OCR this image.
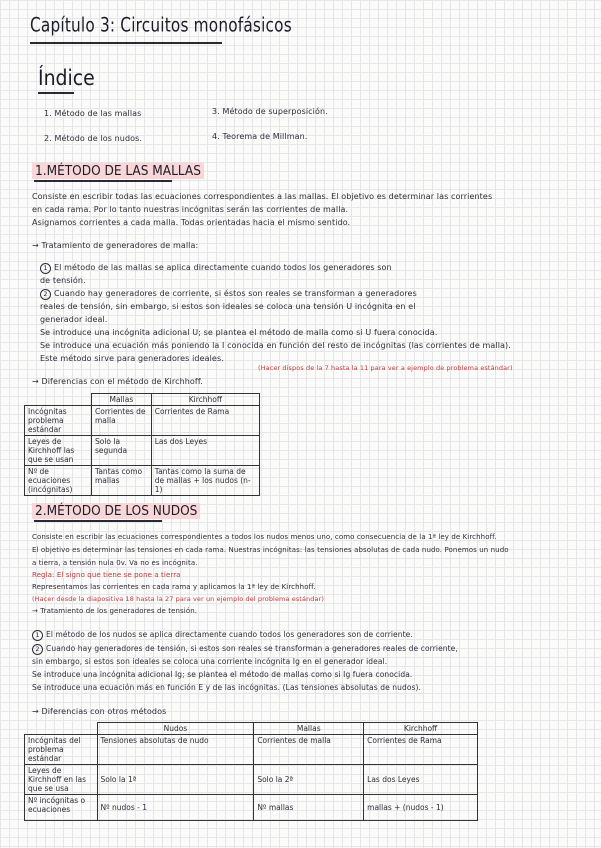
Capítulo 3: Circuitos monofásicos
Índice
1. Método de las mallas	3. Método de superposición.
2. Método de los nudos.	4. Teorema de Millman.
1.MÉTODO DE LAS MALLAS
Consiste en escribir todas las ecuaciones correspondientes a las mallas. El objetivo es determinar las corrientes
en cada rama. Por lo tanto nuestras incógnitas serán las corrientes de malla.
Asignamos corrientes a cada malla. Todas orientadas hacia el mismo sentido.
→ Tratamiento de generadores de malla:
1 El método de las mallas se aplica directamente cuando todos los generadores son
de tensión.
2 Cuando hay generadores de corriente, si éstos son reales se transforman a generadores
reales de tensión, sin embargo, si estos son ideales se coloca una tensión U incógnita en el
generador ideal.
Se introduce una incógnita adicional U; se plantea el método de malla como si U fuera conocida.
Se introduce una ecuación más poniendo la I conocida en función del resto de incógnitas (las corrientes de malla).
Este método sirve para generadores ideales.
(Hacer dispos de la 7 hasta la 11 para ver a ejemplo de problema estándar)
→ Diferencias con el método de Kirchhoff.
	Mallas	Kirchhoff
Incógnitas problema estándar	Corrientes de malla	Corrientes de Rama
Leyes de Kirchhoff las que se usan	Solo la segunda	Las dos Leyes
Nº de ecuaciones (incógnitas)	Tantas como mallas	Tantas como la suma de de mallas + los nudos (n-1)
2.MÉTODO DE LOS NUDOS
Consiste en escribir las ecuaciones correspondientes a todos los nudos menos uno, como consecuencia de la 1ª ley de Kirchhoff.
El objetivo es determinar las tensiones en cada rama. Nuestras incógnitas: las tensiones absolutas de cada nudo. Ponemos un nudo
a tierra, a tensión nula 0v. Va no es incógnita.
Regla: El signo que tiene se pone a tierra
Representamos las corrientes en cada rama y aplicamos la 1ª ley de Kirchhoff.
(Hacer desde la diapositiva 18 hasta la 27 para ver un ejemplo del problema estándar)
→ Tratamiento de los generadores de tensión.
1 El método de los nudos se aplica directamente cuando todos los generadores son de corriente.
2 Cuando hay generadores de tensión, si estos son reales se transforman a generadores reales de corriente,
sin embargo, si estos son ideales se coloca una corriente incógnita Ig en el generador ideal.
Se introduce una incógnita adicional Ig; se plantea el método de mallas como si Ig fuera conocida.
Se introduce una ecuación más en función E y de las incógnitas. (Las tensiones absolutas de nudos).
→ Diferencias con otros métodos
	Nudos	Mallas	Kirchhoff
Incógnitas del problema estándar	Tensiones absolutas de nudo	Corrientes de malla	Corrientes de Rama
Leyes de Kirchhoff en las que se usa	Solo la 1ª	Solo la 2ª	Las dos Leyes
Nº incógnitas o ecuaciones	Nº nudos - 1	Nº mallas	mallas + (nudos - 1)
